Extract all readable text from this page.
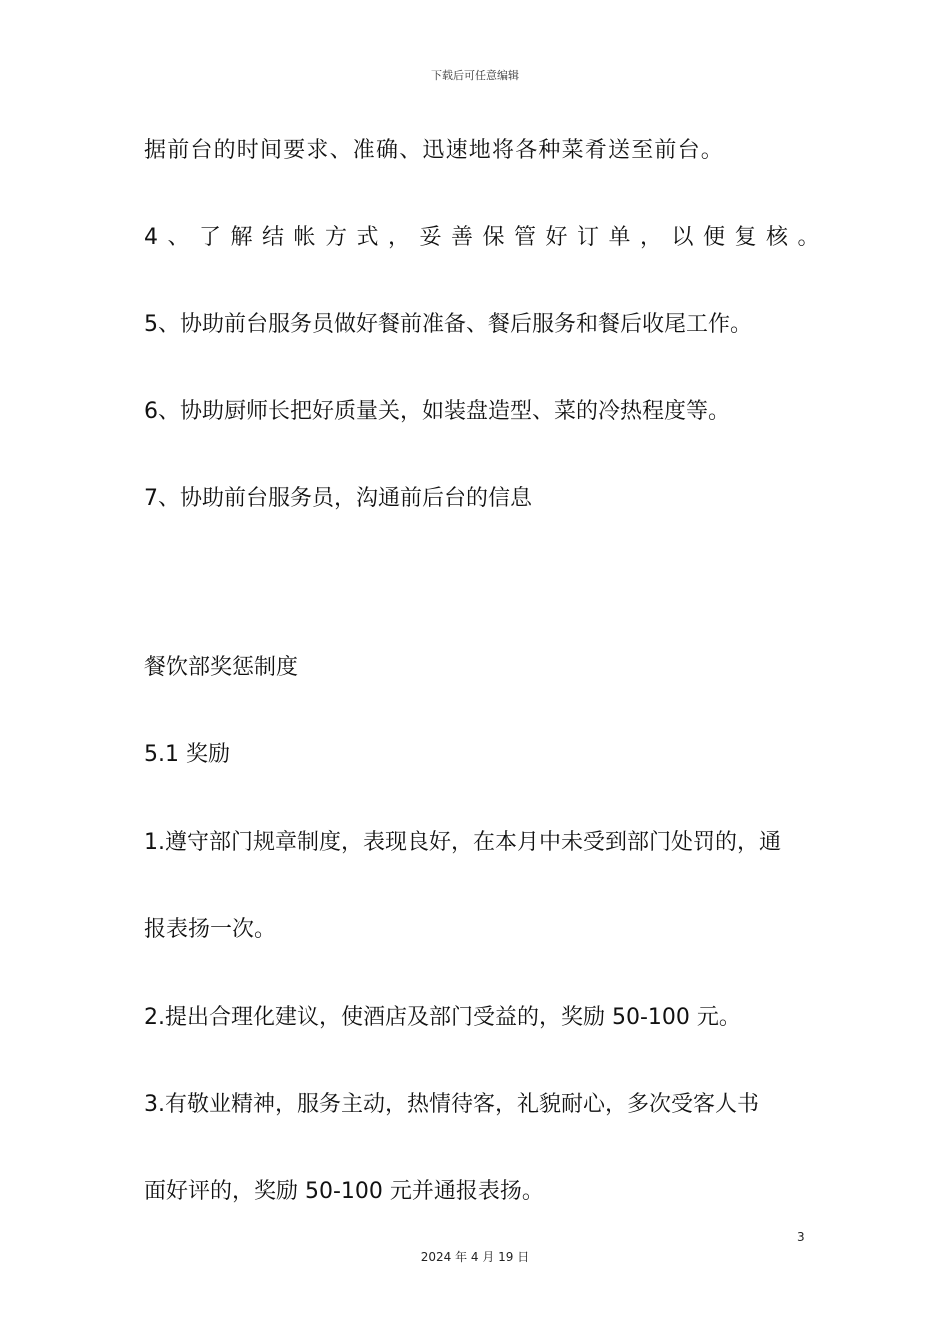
下载后可任意编辑
据前台的时间要求、准确、迅速地将各种菜肴送至前台。
4、了解结帐方式，妥善保管好订单，以便复核。
5、协助前台服务员做好餐前准备、餐后服务和餐后收尾工作。
6、协助厨师长把好质量关，如装盘造型、菜的冷热程度等。
7、协助前台服务员，沟通前后台的信息
餐饮部奖惩制度
5.1 奖励
1.遵守部门规章制度，表现良好，在本月中未受到部门处罚的，通
报表扬一次。
2.提出合理化建议，使酒店及部门受益的，奖励 50-100 元。
3.有敬业精神，服务主动，热情待客，礼貌耐心，多次受客人书
面好评的，奖励 50-100 元并通报表扬。
3
2024 年 4 月 19 日
